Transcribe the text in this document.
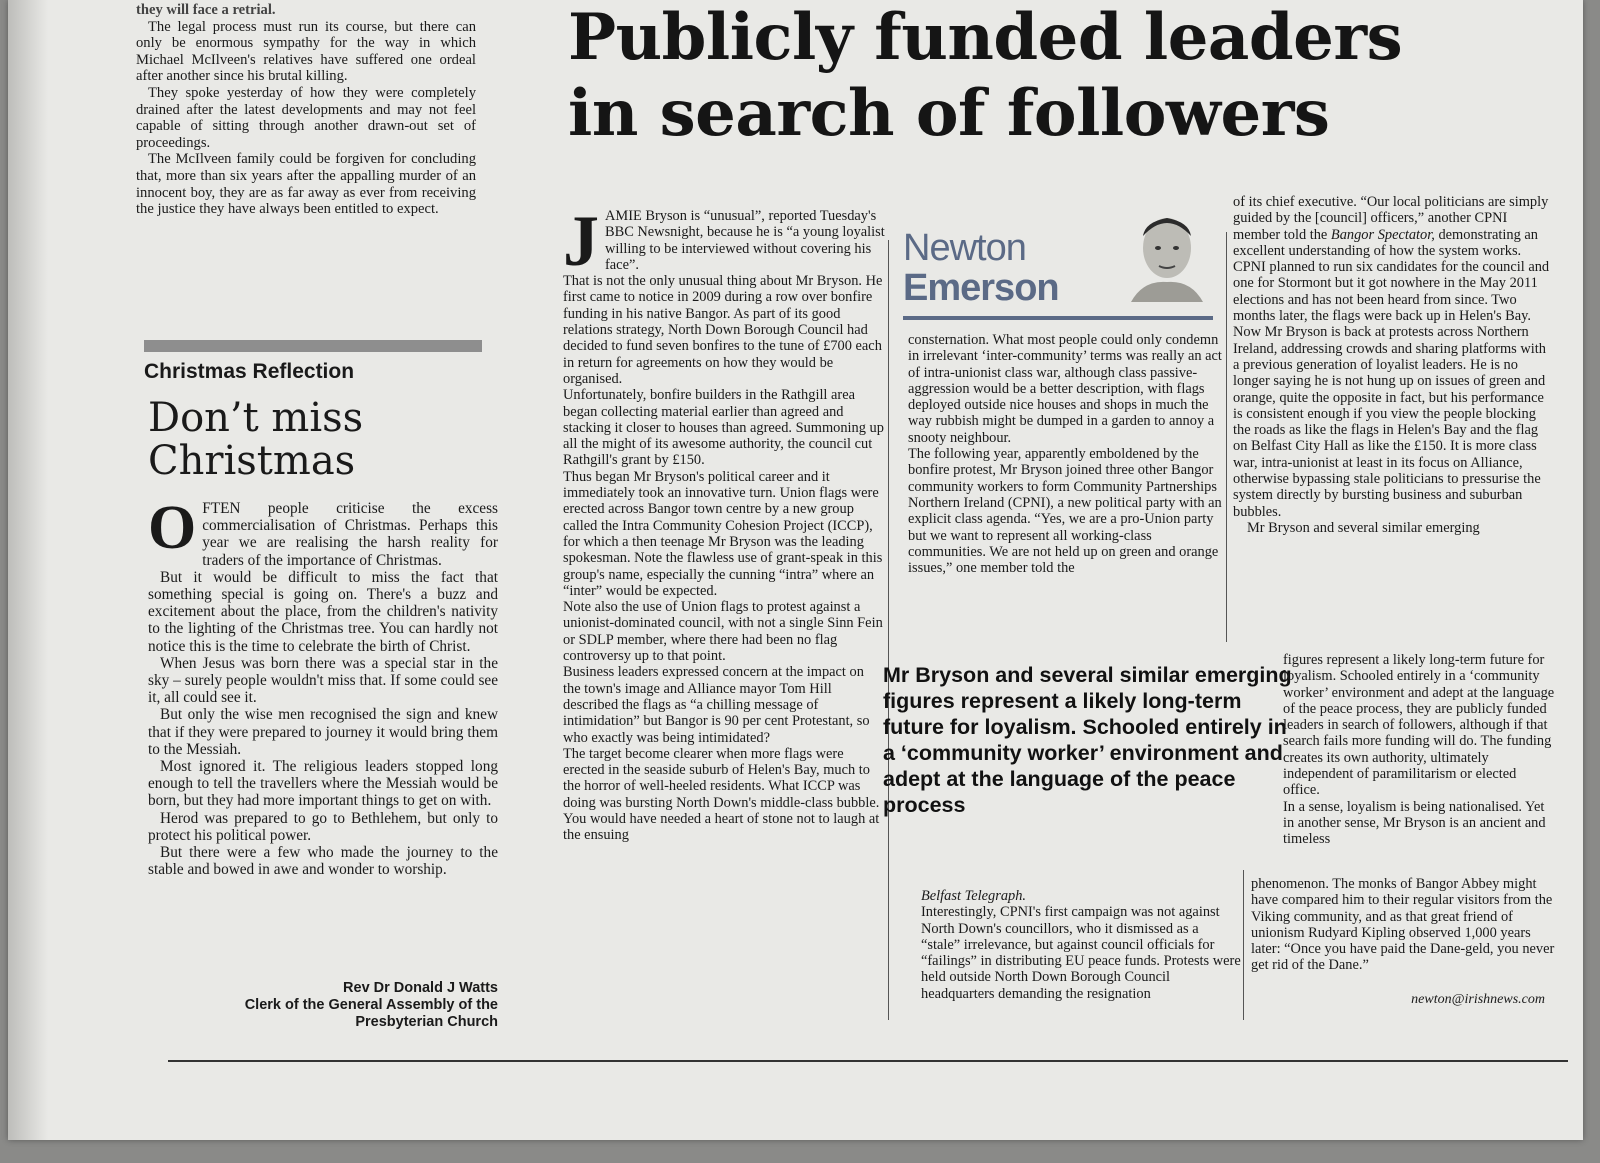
they will face a retrial.

The legal process must run its course, but there can only be enormous sympathy for the way in which Michael McIlveen's relatives have suffered one ordeal after another since his brutal killing.

They spoke yesterday of how they were completely drained after the latest developments and may not feel capable of sitting through another drawn-out set of proceedings.

The McIlveen family could be forgiven for concluding that, more than six years after the appalling murder of an innocent boy, they are as far away as ever from receiving the justice they have always been entitled to expect.

Christmas Reflection
Don’t miss
Christmas

OFTEN people criticise the excess commercialisation of Christmas. Perhaps this year we are realising the harsh reality for traders of the importance of Christmas.

But it would be difficult to miss the fact that something special is going on. There's a buzz and excitement about the place, from the children's nativity to the lighting of the Christmas tree. You can hardly not notice this is the time to celebrate the birth of Christ.

When Jesus was born there was a special star in the sky – surely people wouldn't miss that. If some could see it, all could see it.

But only the wise men recognised the sign and knew that if they were prepared to journey it would bring them to the Messiah.

Most ignored it. The religious leaders stopped long enough to tell the travellers where the Messiah would be born, but they had more important things to get on with.

Herod was prepared to go to Bethlehem, but only to protect his political power.

But there were a few who made the journey to the stable and bowed in awe and wonder to worship.

Rev Dr Donald J Watts
Clerk of the General Assembly of the
Presbyterian Church
Publicly funded leaders
in search of followers

JAMIE Bryson is “unusual”, reported Tuesday's BBC Newsnight, because he is “a young loyalist willing to be interviewed without covering his face”.

That is not the only unusual thing about Mr Bryson. He first came to notice in 2009 during a row over bonfire funding in his native Bangor. As part of its good relations strategy, North Down Borough Council had decided to fund seven bonfires to the tune of £700 each in return for agreements on how they would be organised.

Unfortunately, bonfire builders in the Rathgill area began collecting material earlier than agreed and stacking it closer to houses than agreed. Summoning up all the might of its awesome authority, the council cut Rathgill's grant by £150.

Thus began Mr Bryson's political career and it immediately took an innovative turn. Union flags were erected across Bangor town centre by a new group called the Intra Community Cohesion Project (ICCP), for which a then teenage Mr Bryson was the leading spokesman. Note the flawless use of grant-speak in this group's name, especially the cunning “intra” where an “inter” would be expected.

Note also the use of Union flags to protest against a unionist-dominated council, with not a single Sinn Fein or SDLP member, where there had been no flag controversy up to that point.

Business leaders expressed concern at the impact on the town's image and Alliance mayor Tom Hill described the flags as “a chilling message of intimidation” but Bangor is 90 per cent Protestant, so who exactly was being intimidated?

The target become clearer when more flags were erected in the seaside suburb of Helen's Bay, much to the horror of well-heeled residents. What ICCP was doing was bursting North Down's middle-class bubble. You would have needed a heart of stone not to laugh at the ensuing

Newton
Emerson

consternation. What most people could only condemn in irrelevant ‘inter-community’ terms was really an act of intra-unionist class war, although class passive-aggression would be a better description, with flags deployed outside nice houses and shops in much the way rubbish might be dumped in a garden to annoy a snooty neighbour.

The following year, apparently emboldened by the bonfire protest, Mr Bryson joined three other Bangor community workers to form Community Partnerships Northern Ireland (CPNI), a new political party with an explicit class agenda. “Yes, we are a pro-Union party but we want to represent all working-class communities. We are not held up on green and orange issues,” one member told the

Mr Bryson and several similar emerging figures represent a likely long-term future for loyalism. Schooled entirely in a ‘community worker’ environment and adept at the language of the peace process

Belfast Telegraph.

Interestingly, CPNI's first campaign was not against North Down's councillors, who it dismissed as a “stale” irrelevance, but against council officials for “failings” in distributing EU peace funds. Protests were held outside North Down Borough Council headquarters demanding the resignation

of its chief executive. “Our local politicians are simply guided by the [council] officers,” another CPNI member told the Bangor Spectator, demonstrating an excellent understanding of how the system works.

CPNI planned to run six candidates for the council and one for Stormont but it got nowhere in the May 2011 elections and has not been heard from since. Two months later, the flags were back up in Helen's Bay.

Now Mr Bryson is back at protests across Northern Ireland, addressing crowds and sharing platforms with a previous generation of loyalist leaders. He is no longer saying he is not hung up on issues of green and orange, quite the opposite in fact, but his performance is consistent enough if you view the people blocking the roads as like the flags in Helen's Bay and the flag on Belfast City Hall as like the £150. It is more class war, intra-unionist at least in its focus on Alliance, otherwise bypassing stale politicians to pressurise the system directly by bursting business and suburban bubbles.

Mr Bryson and several similar emerging

figures represent a likely long-term future for loyalism. Schooled entirely in a ‘community worker’ environment and adept at the language of the peace process, they are publicly funded leaders in search of followers, although if that search fails more funding will do. The funding creates its own authority, ultimately independent of paramilitarism or elected office.

In a sense, loyalism is being nationalised. Yet in another sense, Mr Bryson is an ancient and timeless

phenomenon. The monks of Bangor Abbey might have compared him to their regular visitors from the Viking community, and as that great friend of unionism Rudyard Kipling observed 1,000 years later: “Once you have paid the Dane-geld, you never get rid of the Dane.”

newton@irishnews.com
